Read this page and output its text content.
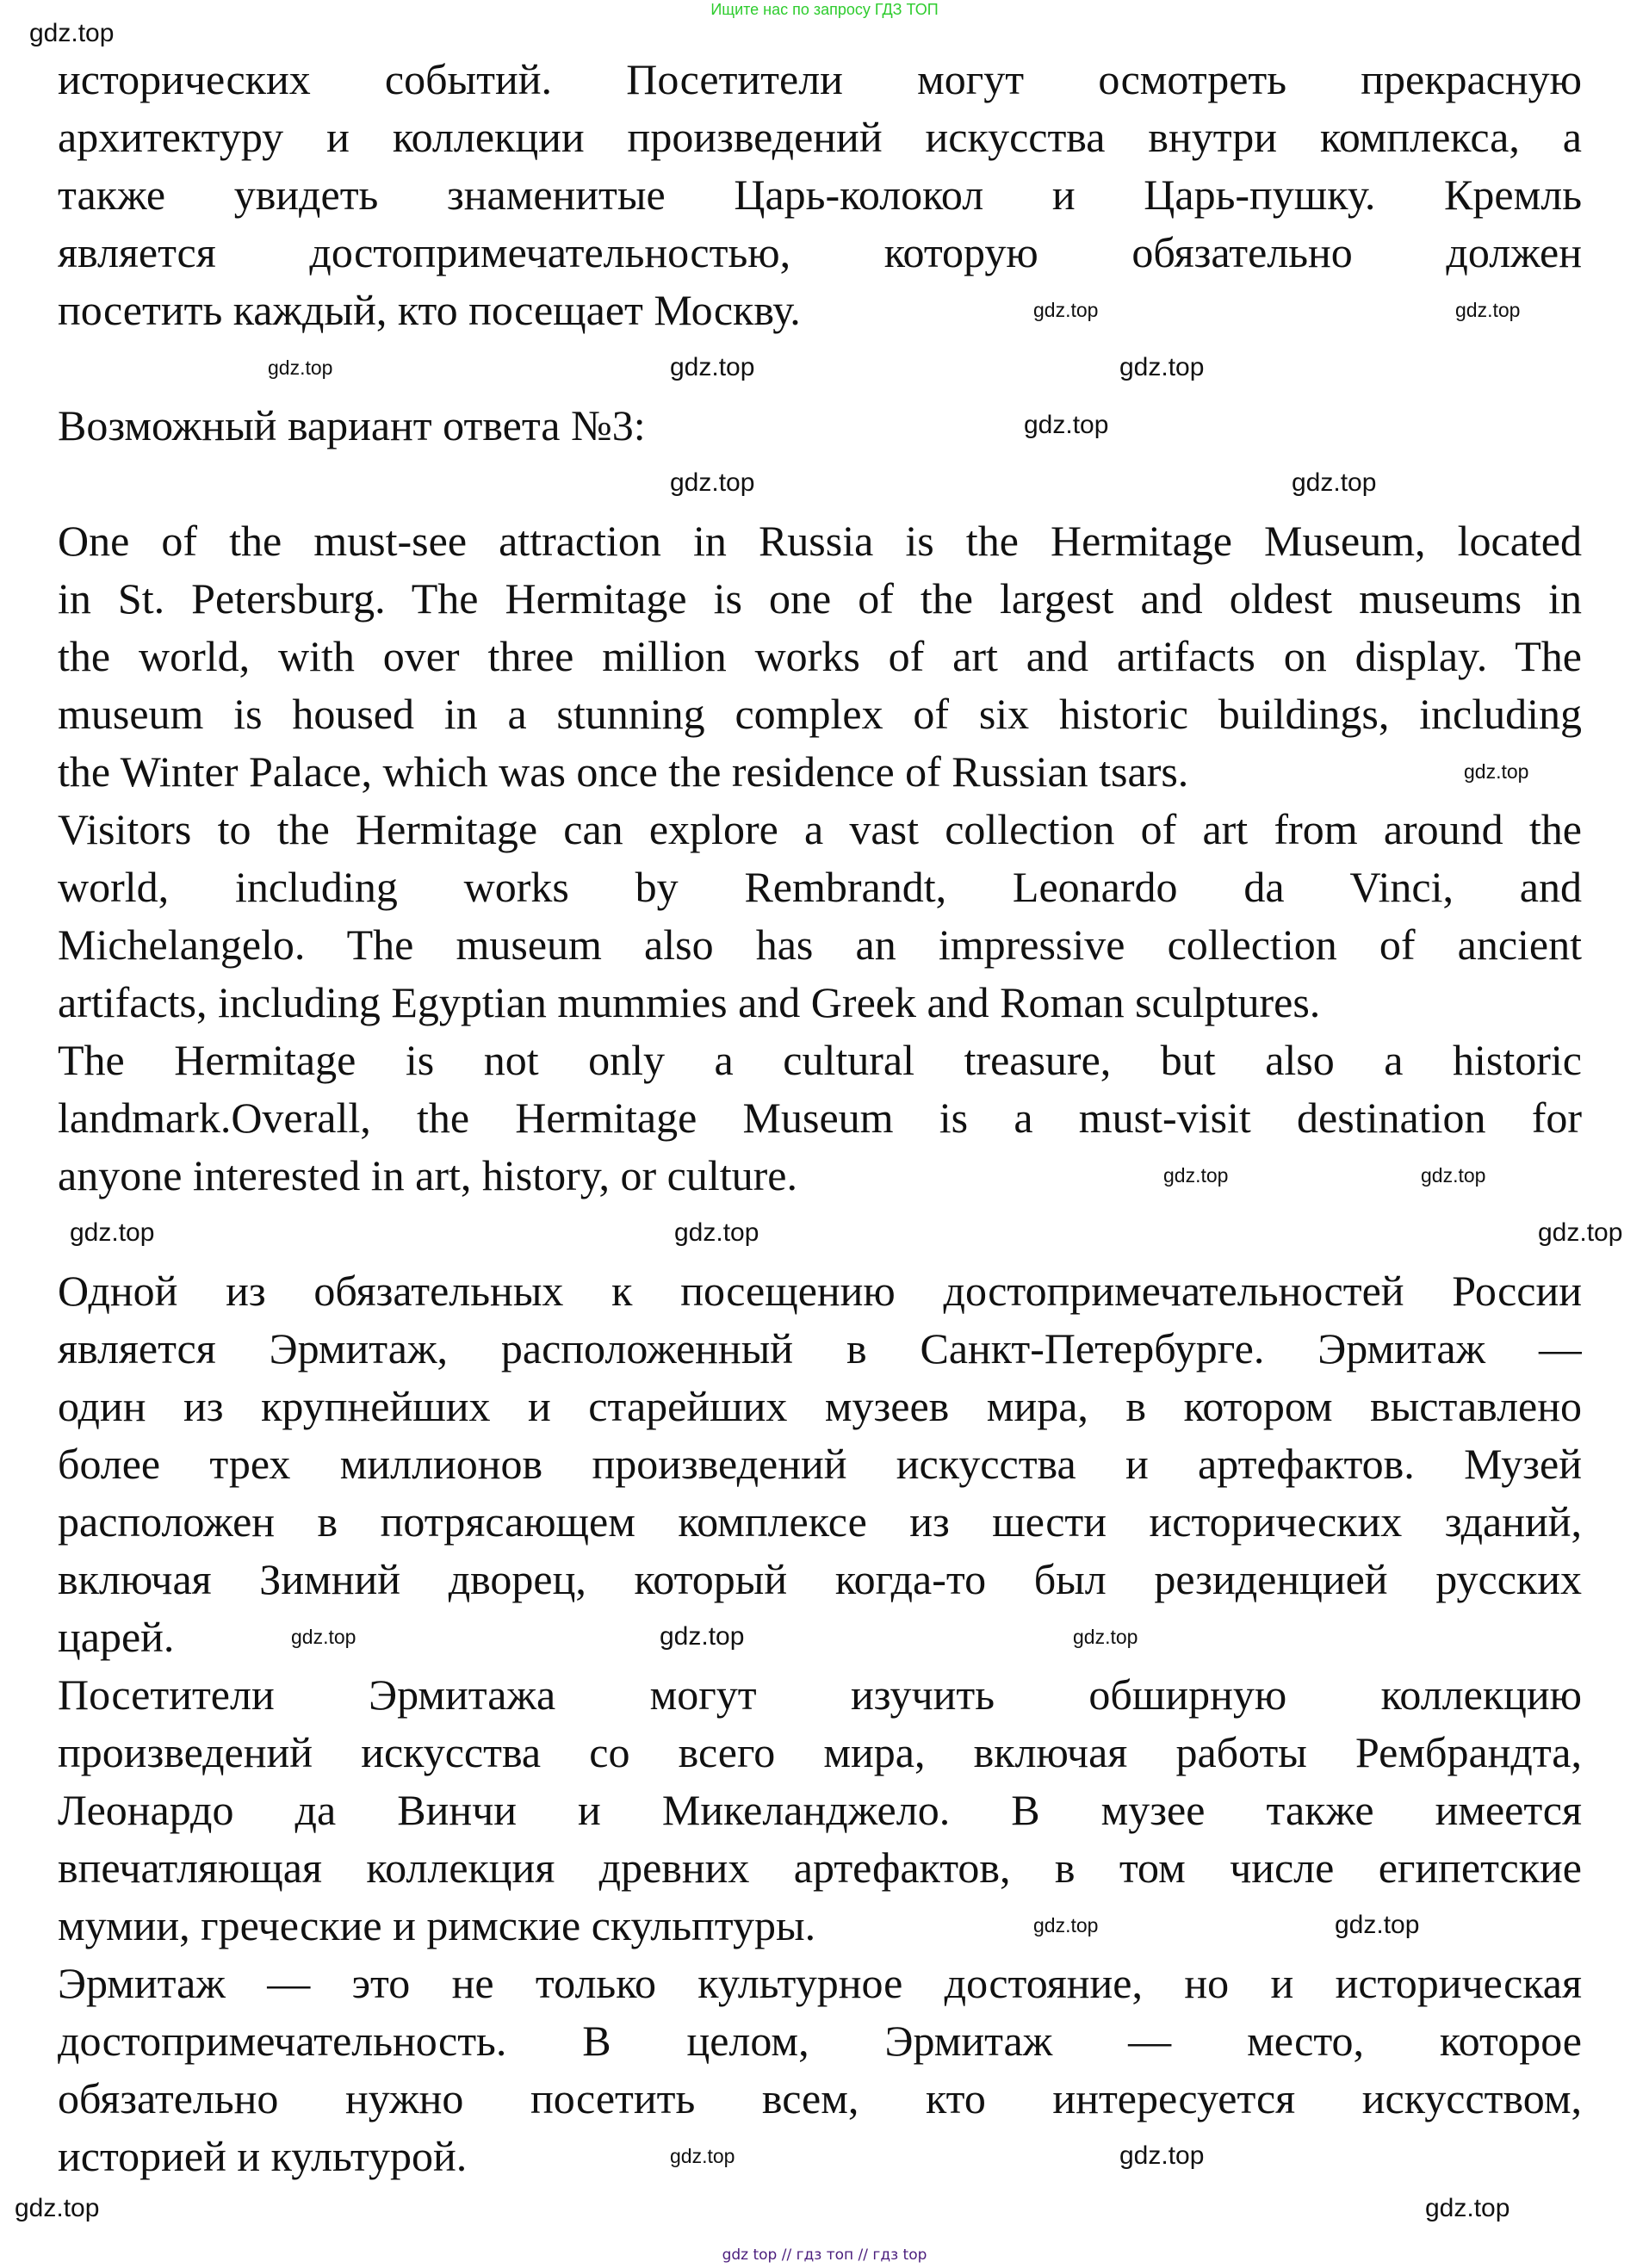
Ищите нас по запросу ГДЗ ТОП
исторических событий. Посетители могут осмотреть прекрасную
архитектуру и коллекции произведений искусства внутри комплекса, а
также увидеть знаменитые Царь-колокол и Царь-пушку. Кремль
является достопримечательностью, которую обязательно должен
посетить каждый, кто посещает Москву.
Возможный вариант ответа №3:
One of the must-see attraction in Russia is the Hermitage Museum, located
in St. Petersburg. The Hermitage is one of the largest and oldest museums in
the world, with over three million works of art and artifacts on display. The
museum is housed in a stunning complex of six historic buildings, including
the Winter Palace, which was once the residence of Russian tsars.
Visitors to the Hermitage can explore a vast collection of art from around the
world, including works by Rembrandt, Leonardo da Vinci, and
Michelangelo. The museum also has an impressive collection of ancient
artifacts, including Egyptian mummies and Greek and Roman sculptures.
The Hermitage is not only a cultural treasure, but also a historic
landmark.Overall, the Hermitage Museum is a must-visit destination for
anyone interested in art, history, or culture.
Одной из обязательных к посещению достопримечательностей России
является Эрмитаж, расположенный в Санкт-Петербурге. Эрмитаж —
один из крупнейших и старейших музеев мира, в котором выставлено
более трех миллионов произведений искусства и артефактов. Музей
расположен в потрясающем комплексе из шести исторических зданий,
включая Зимний дворец, который когда-то был резиденцией русских
царей.
Посетители Эрмитажа могут изучить обширную коллекцию
произведений искусства со всего мира, включая работы Рембрандта,
Леонардо да Винчи и Микеланджело. В музее также имеется
впечатляющая коллекция древних артефактов, в том числе египетские
мумии, греческие и римские скульптуры.
Эрмитаж — это не только культурное достояние, но и историческая
достопримечательность. В целом, Эрмитаж — место, которое
обязательно нужно посетить всем, кто интересуется искусством,
историей и культурой.
gdz.top
gdz.top	gdz.top
gdz.top	gdz.top	gdz.top
gdz.top
gdz.top	gdz.top
gdz.top
gdz.top	gdz.top
gdz.top	gdz.top	gdz.top
gdz.top	gdz.top	gdz.top
gdz.top	gdz.top
gdz.top	gdz.top
gdz.top	gdz.top
gdz top // гдз топ // гдз top
